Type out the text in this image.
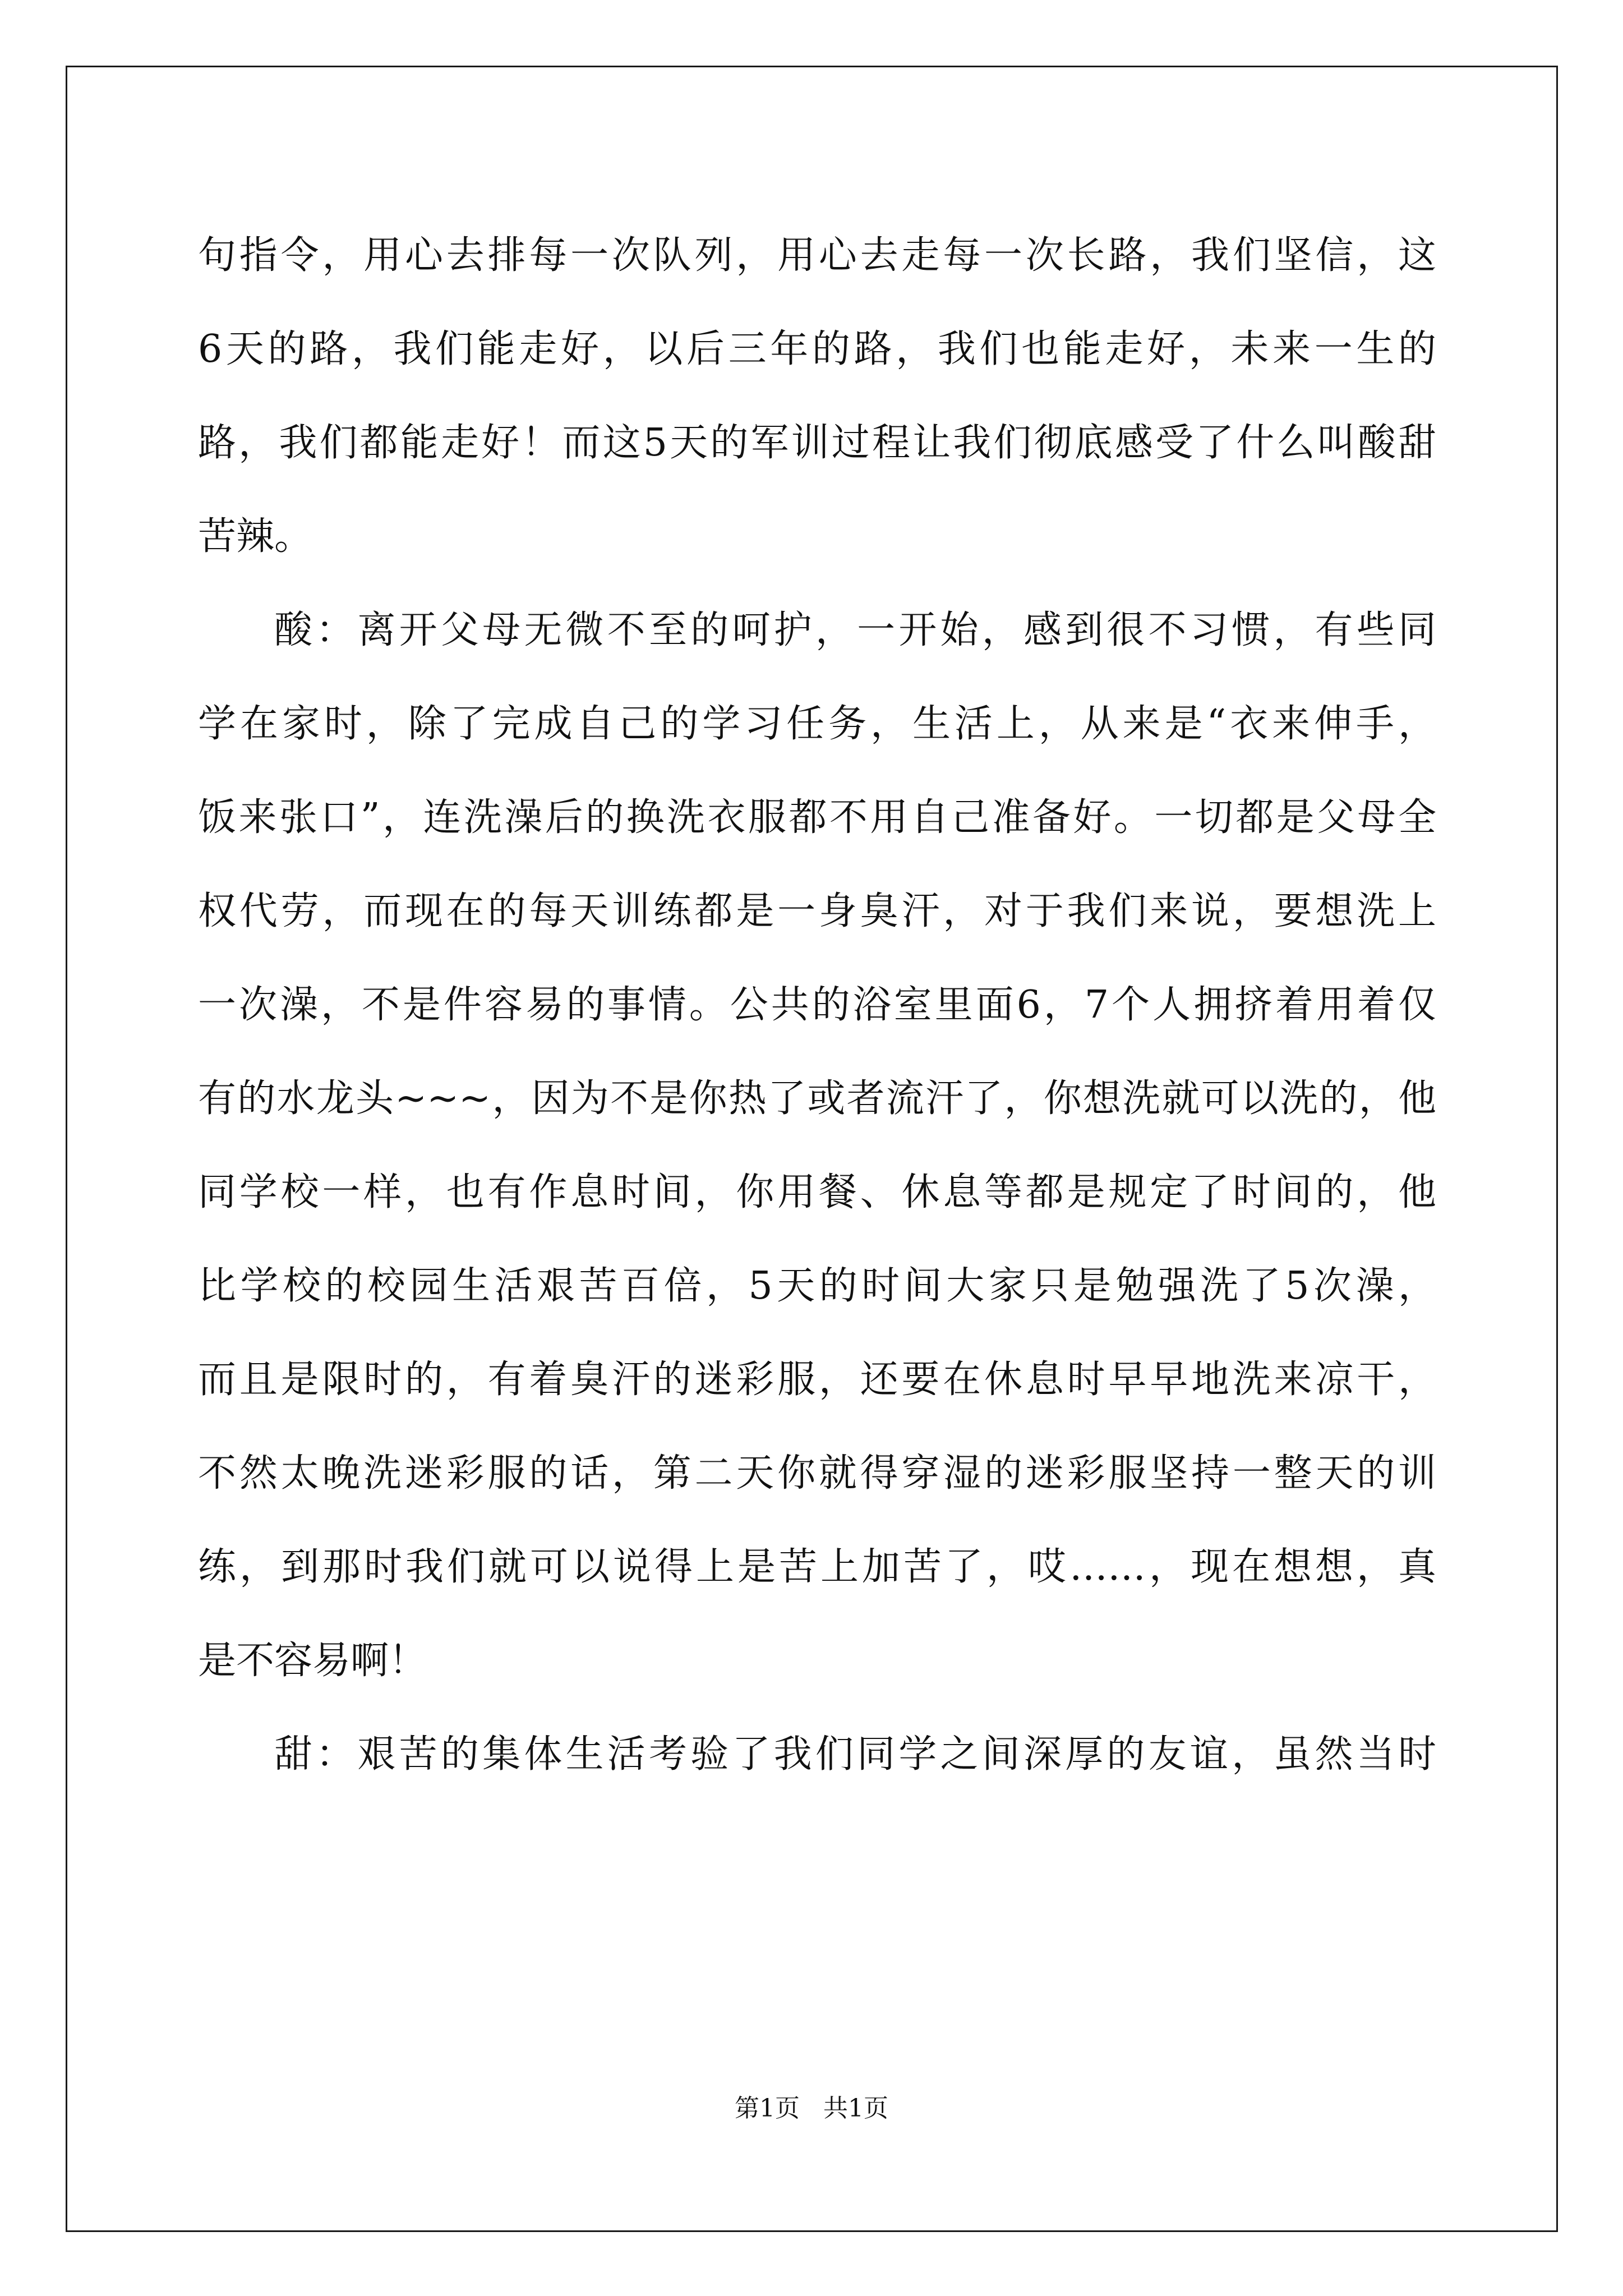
句指令，用心去排每一次队列，用心去走每一次长路，我们坚信，这
6天的路，我们能走好，以后三年的路，我们也能走好，未来一生的
路，我们都能走好！而这5天的军训过程让我们彻底感受了什么叫酸甜
苦辣。
酸：离开父母无微不至的呵护，一开始，感到很不习惯，有些同
学在家时，除了完成自己的学习任务，生活上，从来是“衣来伸手，
饭来张口”，连洗澡后的换洗衣服都不用自己准备好。一切都是父母全
权代劳，而现在的每天训练都是一身臭汗，对于我们来说，要想洗上
一次澡，不是件容易的事情。公共的浴室里面6，7个人拥挤着用着仅
有的水龙头~~~，因为不是你热了或者流汗了，你想洗就可以洗的，他
同学校一样，也有作息时间，你用餐、休息等都是规定了时间的，他
比学校的校园生活艰苦百倍，5天的时间大家只是勉强洗了5次澡，
而且是限时的，有着臭汗的迷彩服，还要在休息时早早地洗来凉干，
不然太晚洗迷彩服的话，第二天你就得穿湿的迷彩服坚持一整天的训
练，到那时我们就可以说得上是苦上加苦了，哎……，现在想想，真
是不容易啊！
甜：艰苦的集体生活考验了我们同学之间深厚的友谊，虽然当时
第1页   共1页
